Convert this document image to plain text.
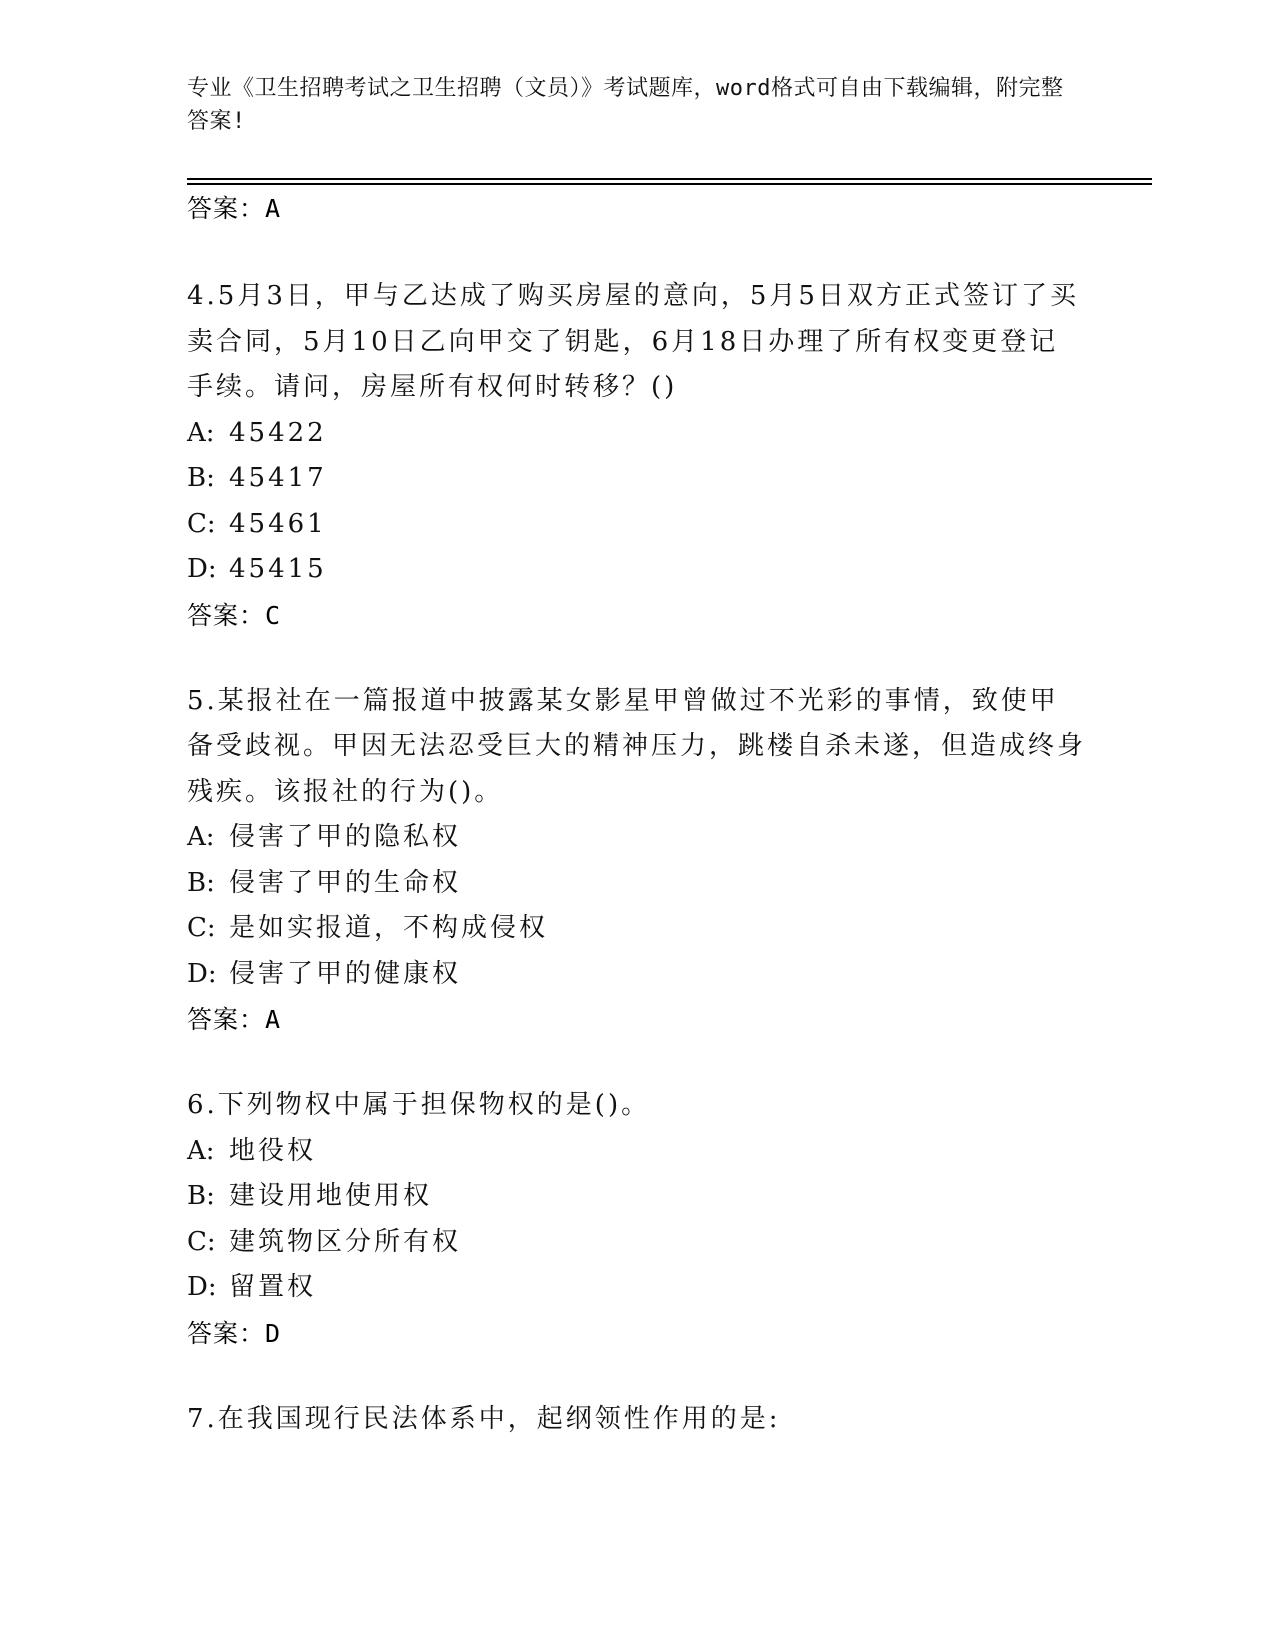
专业《卫生招聘考试之卫生招聘（文员）》考试题库，word格式可自由下载编辑，附完整答案!
答案：A
4.5月3日，甲与乙达成了购买房屋的意向，5月5日双方正式签订了买卖合同，5月10日乙向甲交了钥匙，6月18日办理了所有权变更登记手续。请问，房屋所有权何时转移？()
A: 45422
B: 45417
C: 45461
D: 45415
答案：C
5.某报社在一篇报道中披露某女影星甲曾做过不光彩的事情，致使甲备受歧视。甲因无法忍受巨大的精神压力，跳楼自杀未遂，但造成终身残疾。该报社的行为()。
A: 侵害了甲的隐私权
B: 侵害了甲的生命权
C: 是如实报道，不构成侵权
D: 侵害了甲的健康权
答案：A
6.下列物权中属于担保物权的是()。
A: 地役权
B: 建设用地使用权
C: 建筑物区分所有权
D: 留置权
答案：D
7.在我国现行民法体系中，起纲领性作用的是:
